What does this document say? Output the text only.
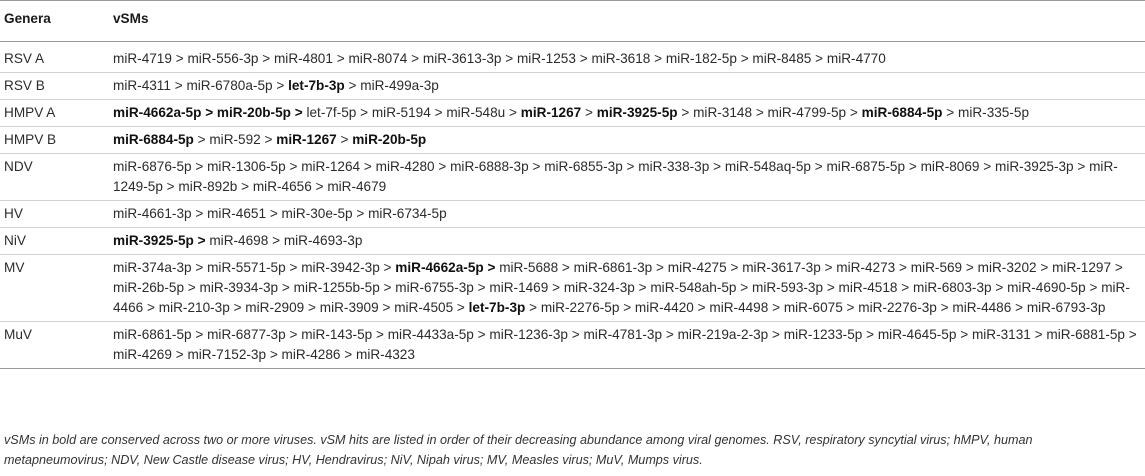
Genera	vSMs
RSV A	miR-4719 > miR-556-3p > miR-4801 > miR-8074 > miR-3613-3p > miR-1253 > miR-3618 > miR-182-5p > miR-8485 > miR-4770
RSV B	miR-4311 > miR-6780a-5p > let-7b-3p > miR-499a-3p
HMPV A	miR-4662a-5p > miR-20b-5p > let-7f-5p > miR-5194 > miR-548u > miR-1267 > miR-3925-5p > miR-3148 > miR-4799-5p > miR-6884-5p > miR-335-5p
HMPV B	miR-6884-5p > miR-592 > miR-1267 > miR-20b-5p
NDV	miR-6876-5p > miR-1306-5p > miR-1264 > miR-4280 > miR-6888-3p > miR-6855-3p > miR-338-3p > miR-548aq-5p > miR-6875-5p > miR-8069 > miR-3925-3p > miR-1249-5p > miR-892b > miR-4656 > miR-4679
HV	miR-4661-3p > miR-4651 > miR-30e-5p > miR-6734-5p
NiV	miR-3925-5p > miR-4698 > miR-4693-3p
MV	miR-374a-3p > miR-5571-5p > miR-3942-3p > miR-4662a-5p > miR-5688 > miR-6861-3p > miR-4275 > miR-3617-3p > miR-4273 > miR-569 > miR-3202 > miR-1297 > miR-26b-5p > miR-3934-3p > miR-1255b-5p > miR-6755-3p > miR-1469 > miR-324-3p > miR-548ah-5p > miR-593-3p > miR-4518 > miR-6803-3p > miR-4690-5p > miR-4466 > miR-210-3p > miR-2909 > miR-3909 > miR-4505 > let-7b-3p > miR-2276-5p > miR-4420 > miR-4498 > miR-6075 > miR-2276-3p > miR-4486 > miR-6793-3p
MuV	miR-6861-5p > miR-6877-3p > miR-143-5p > miR-4433a-5p > miR-1236-3p > miR-4781-3p > miR-219a-2-3p > miR-1233-5p > miR-4645-5p > miR-3131 > miR-6881-5p > miR-4269 > miR-7152-3p > miR-4286 > miR-4323
vSMs in bold are conserved across two or more viruses. vSM hits are listed in order of their decreasing abundance among viral genomes. RSV, respiratory syncytial virus; hMPV, human metapneumovirus; NDV, New Castle disease virus; HV, Hendravirus; NiV, Nipah virus; MV, Measles virus; MuV, Mumps virus.
